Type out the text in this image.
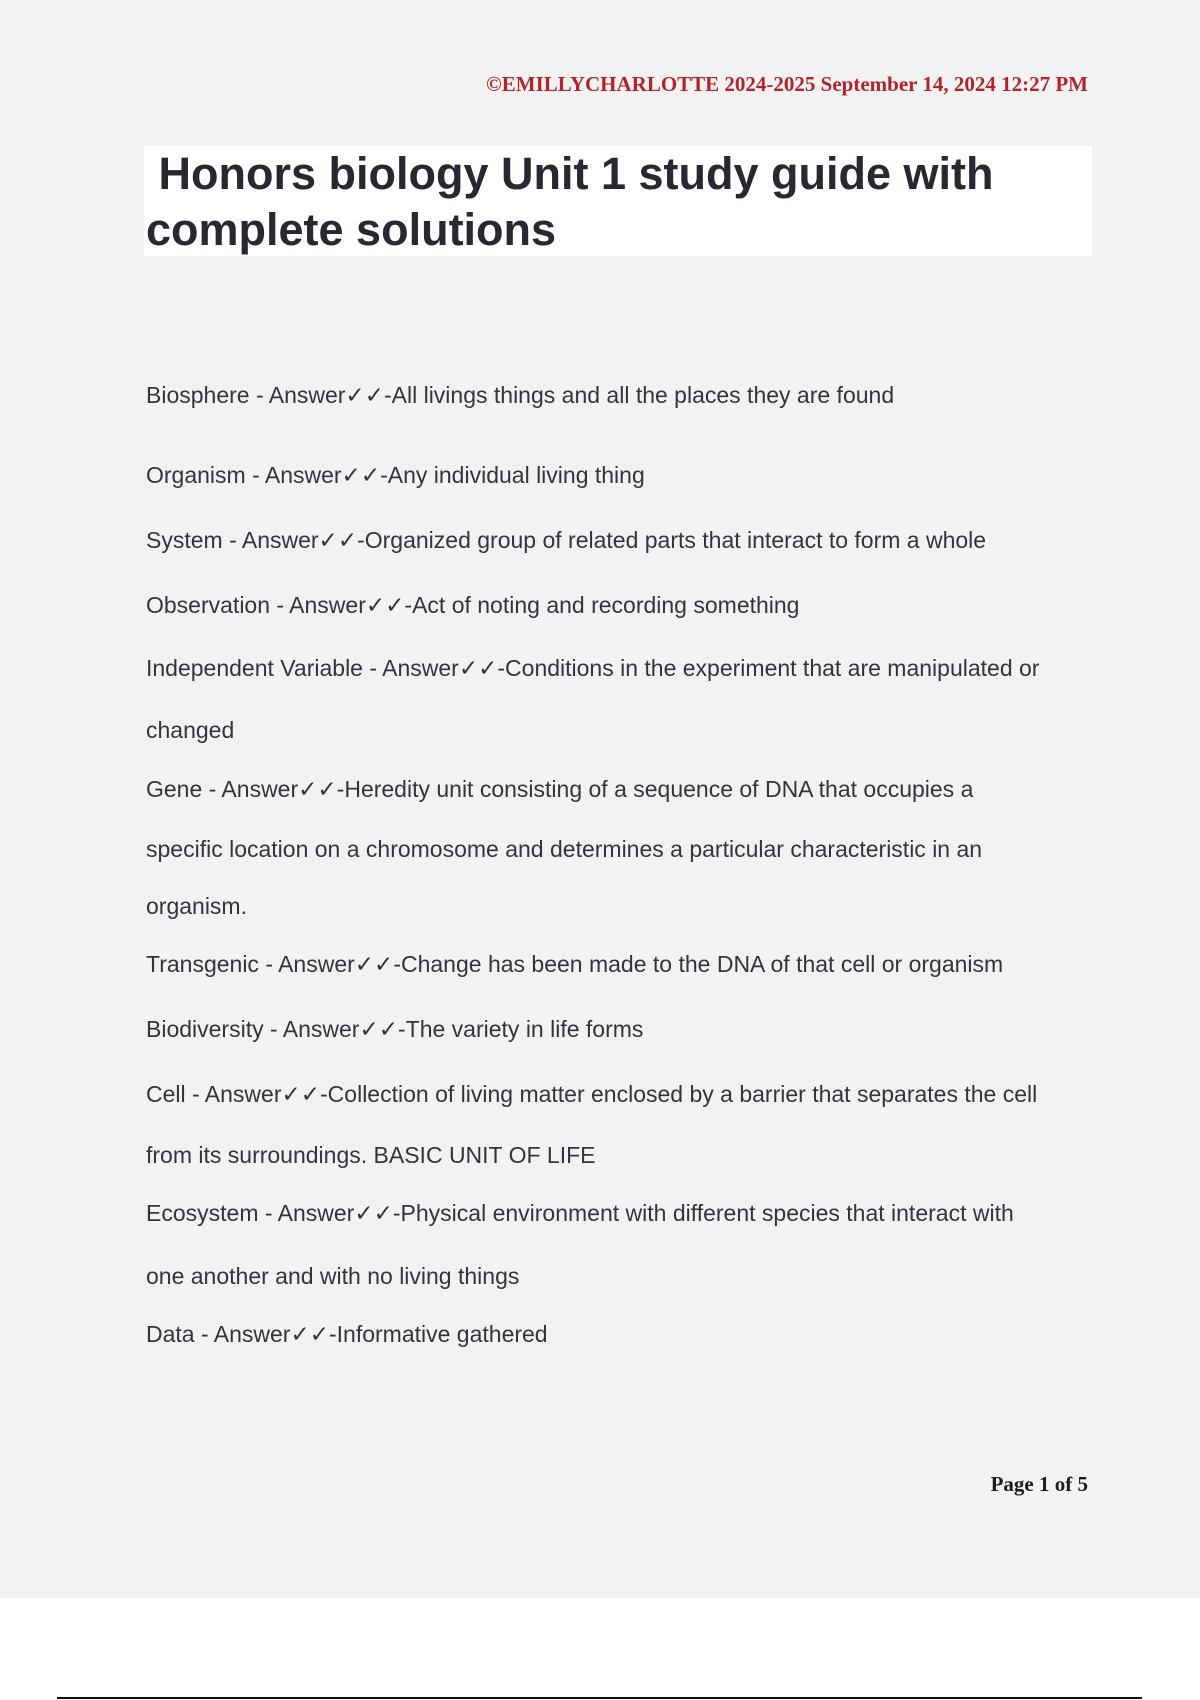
©EMILLYCHARLOTTE 2024-2025 September 14, 2024 12:27 PM
Honors biology Unit 1 study guide with complete solutions
Biosphere - Answer✓✓-All livings things and all the places they are found
Organism - Answer✓✓-Any individual living thing
System - Answer✓✓-Organized group of related parts that interact to form a whole
Observation - Answer✓✓-Act of noting and recording something
Independent Variable - Answer✓✓-Conditions in the experiment that are manipulated or
changed
Gene - Answer✓✓-Heredity unit consisting of a sequence of DNA that occupies a
specific location on a chromosome and determines a particular characteristic in an
organism.
Transgenic - Answer✓✓-Change has been made to the DNA of that cell or organism
Biodiversity - Answer✓✓-The variety in life forms
Cell - Answer✓✓-Collection of living matter enclosed by a barrier that separates the cell
from its surroundings. BASIC UNIT OF LIFE
Ecosystem - Answer✓✓-Physical environment with different species that interact with
one another and with no living things
Data - Answer✓✓-Informative gathered
Page 1 of 5
